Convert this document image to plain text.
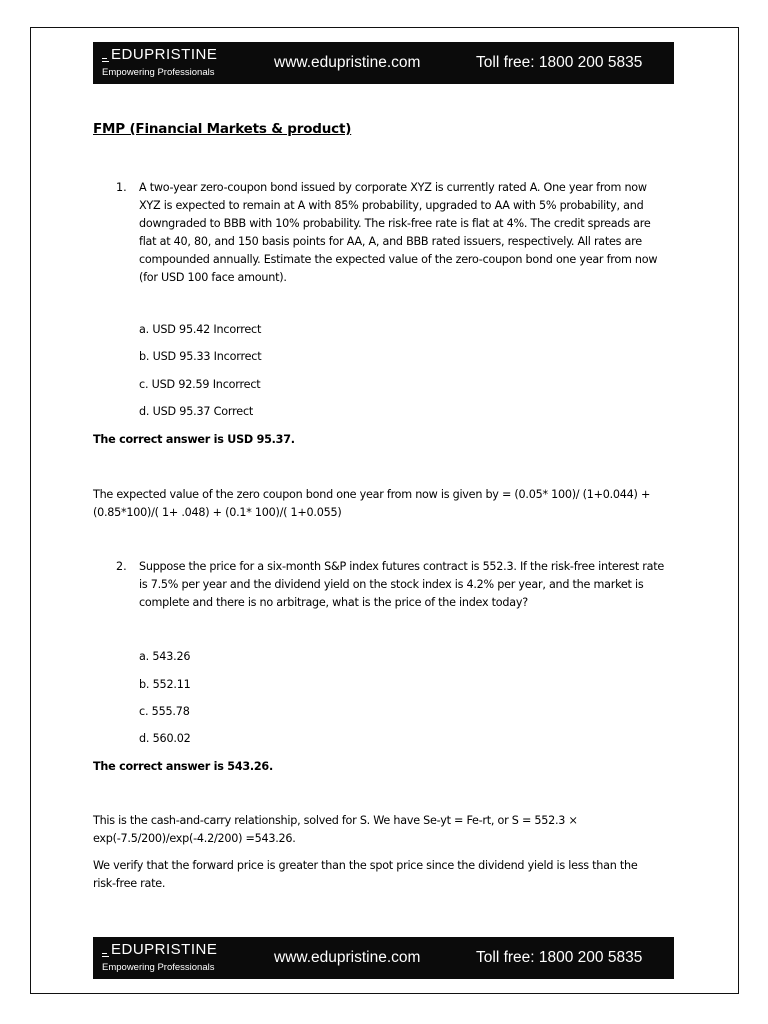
EDUPRISTINE
Empowering Professionals
www.edupristine.com	Toll free: 1800 200 5835
FMP (Financial Markets & product)
1. A two-year zero-coupon bond issued by corporate XYZ is currently rated A. One year from now XYZ is expected to remain at A with 85% probability, upgraded to AA with 5% probability, and downgraded to BBB with 10% probability. The risk-free rate is flat at 4%. The credit spreads are flat at 40, 80, and 150 basis points for AA, A, and BBB rated issuers, respectively. All rates are compounded annually. Estimate the expected value of the zero-coupon bond one year from now (for USD 100 face amount).
a. USD 95.42 Incorrect
b. USD 95.33 Incorrect
c. USD 92.59 Incorrect
d. USD 95.37 Correct
The correct answer is USD 95.37.
The expected value of the zero coupon bond one year from now is given by = (0.05* 100)/ (1+0.044) + (0.85*100)/( 1+ .048) + (0.1* 100)/( 1+0.055)
2. Suppose the price for a six-month S&P index futures contract is 552.3. If the risk-free interest rate is 7.5% per year and the dividend yield on the stock index is 4.2% per year, and the market is complete and there is no arbitrage, what is the price of the index today?
a. 543.26
b. 552.11
c. 555.78
d. 560.02
The correct answer is 543.26.
This is the cash-and-carry relationship, solved for S. We have Se-yt = Fe-rt, or S = 552.3 × exp(-7.5/200)/exp(-4.2/200) =543.26.
We verify that the forward price is greater than the spot price since the dividend yield is less than the risk-free rate.
EDUPRISTINE
Empowering Professionals
www.edupristine.com	Toll free: 1800 200 5835
